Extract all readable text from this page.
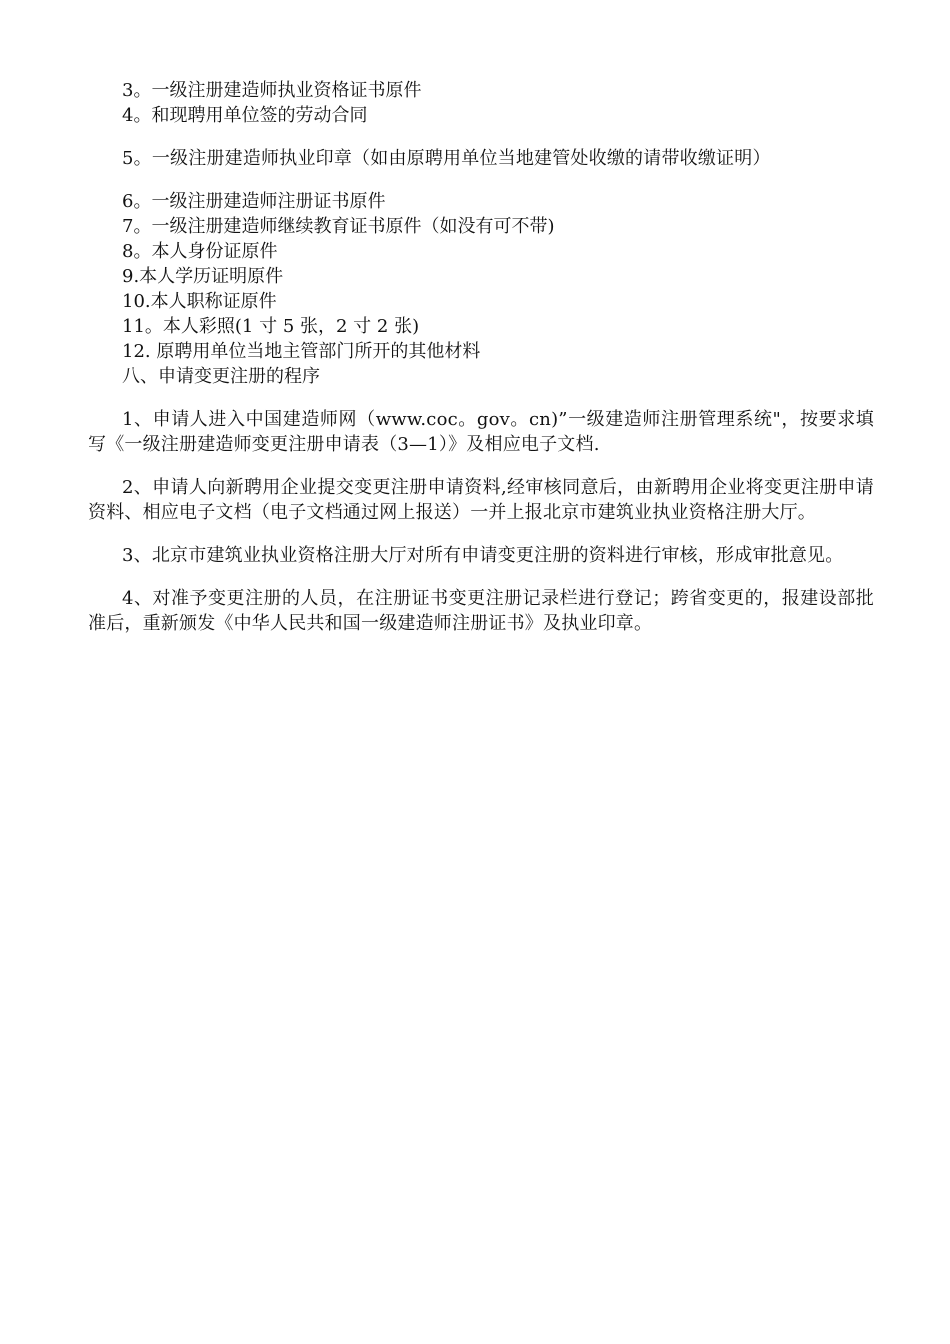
3。一级注册建造师执业资格证书原件

4。和现聘用单位签的劳动合同

5。一级注册建造师执业印章（如由原聘用单位当地建管处收缴的请带收缴证明）

6。一级注册建造师注册证书原件

7。一级注册建造师继续教育证书原件（如没有可不带)

8。本人身份证原件

9.本人学历证明原件

10.本人职称证原件

11。本人彩照(1 寸 5 张，2 寸 2 张)

12. 原聘用单位当地主管部门所开的其他材料

八、申请变更注册的程序

1、申请人进入中国建造师网（www.coc。gov。cn)”一级建造师注册管理系统"，按要求填写《一级注册建造师变更注册申请表（3—1）》及相应电子文档.

2、申请人向新聘用企业提交变更注册申请资料,经审核同意后，由新聘用企业将变更注册申请资料、相应电子文档（电子文档通过网上报送）一并上报北京市建筑业执业资格注册大厅。

3、北京市建筑业执业资格注册大厅对所有申请变更注册的资料进行审核，形成审批意见。

4、对准予变更注册的人员，在注册证书变更注册记录栏进行登记；跨省变更的，报建设部批准后，重新颁发《中华人民共和国一级建造师注册证书》及执业印章。
